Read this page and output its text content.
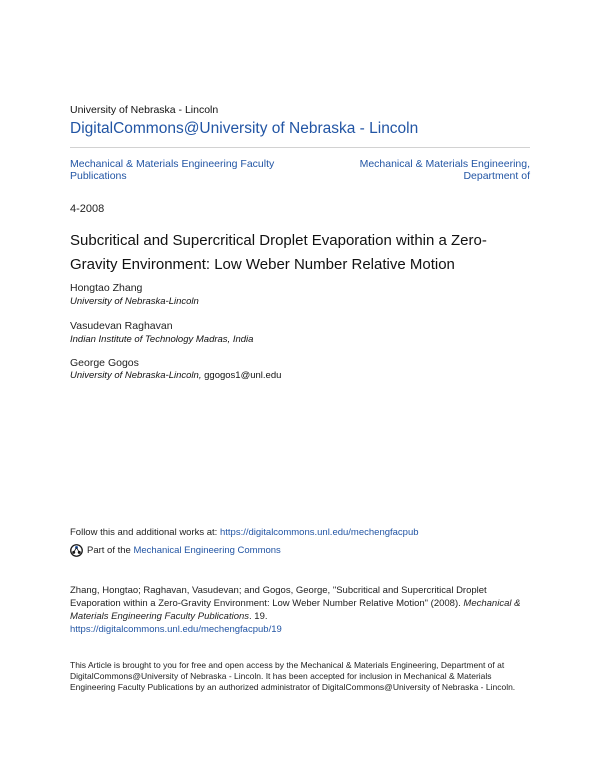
University of Nebraska - Lincoln
DigitalCommons@University of Nebraska - Lincoln
Mechanical & Materials Engineering Faculty Publications
Mechanical & Materials Engineering, Department of
4-2008
Subcritical and Supercritical Droplet Evaporation within a Zero-Gravity Environment: Low Weber Number Relative Motion
Hongtao Zhang
University of Nebraska-Lincoln
Vasudevan Raghavan
Indian Institute of Technology Madras, India
George Gogos
University of Nebraska-Lincoln, ggogos1@unl.edu
Follow this and additional works at: https://digitalcommons.unl.edu/mechengfacpub
Part of the Mechanical Engineering Commons
Zhang, Hongtao; Raghavan, Vasudevan; and Gogos, George, "Subcritical and Supercritical Droplet Evaporation within a Zero-Gravity Environment: Low Weber Number Relative Motion" (2008). Mechanical & Materials Engineering Faculty Publications. 19.
https://digitalcommons.unl.edu/mechengfacpub/19
This Article is brought to you for free and open access by the Mechanical & Materials Engineering, Department of at DigitalCommons@University of Nebraska - Lincoln. It has been accepted for inclusion in Mechanical & Materials Engineering Faculty Publications by an authorized administrator of DigitalCommons@University of Nebraska - Lincoln.
